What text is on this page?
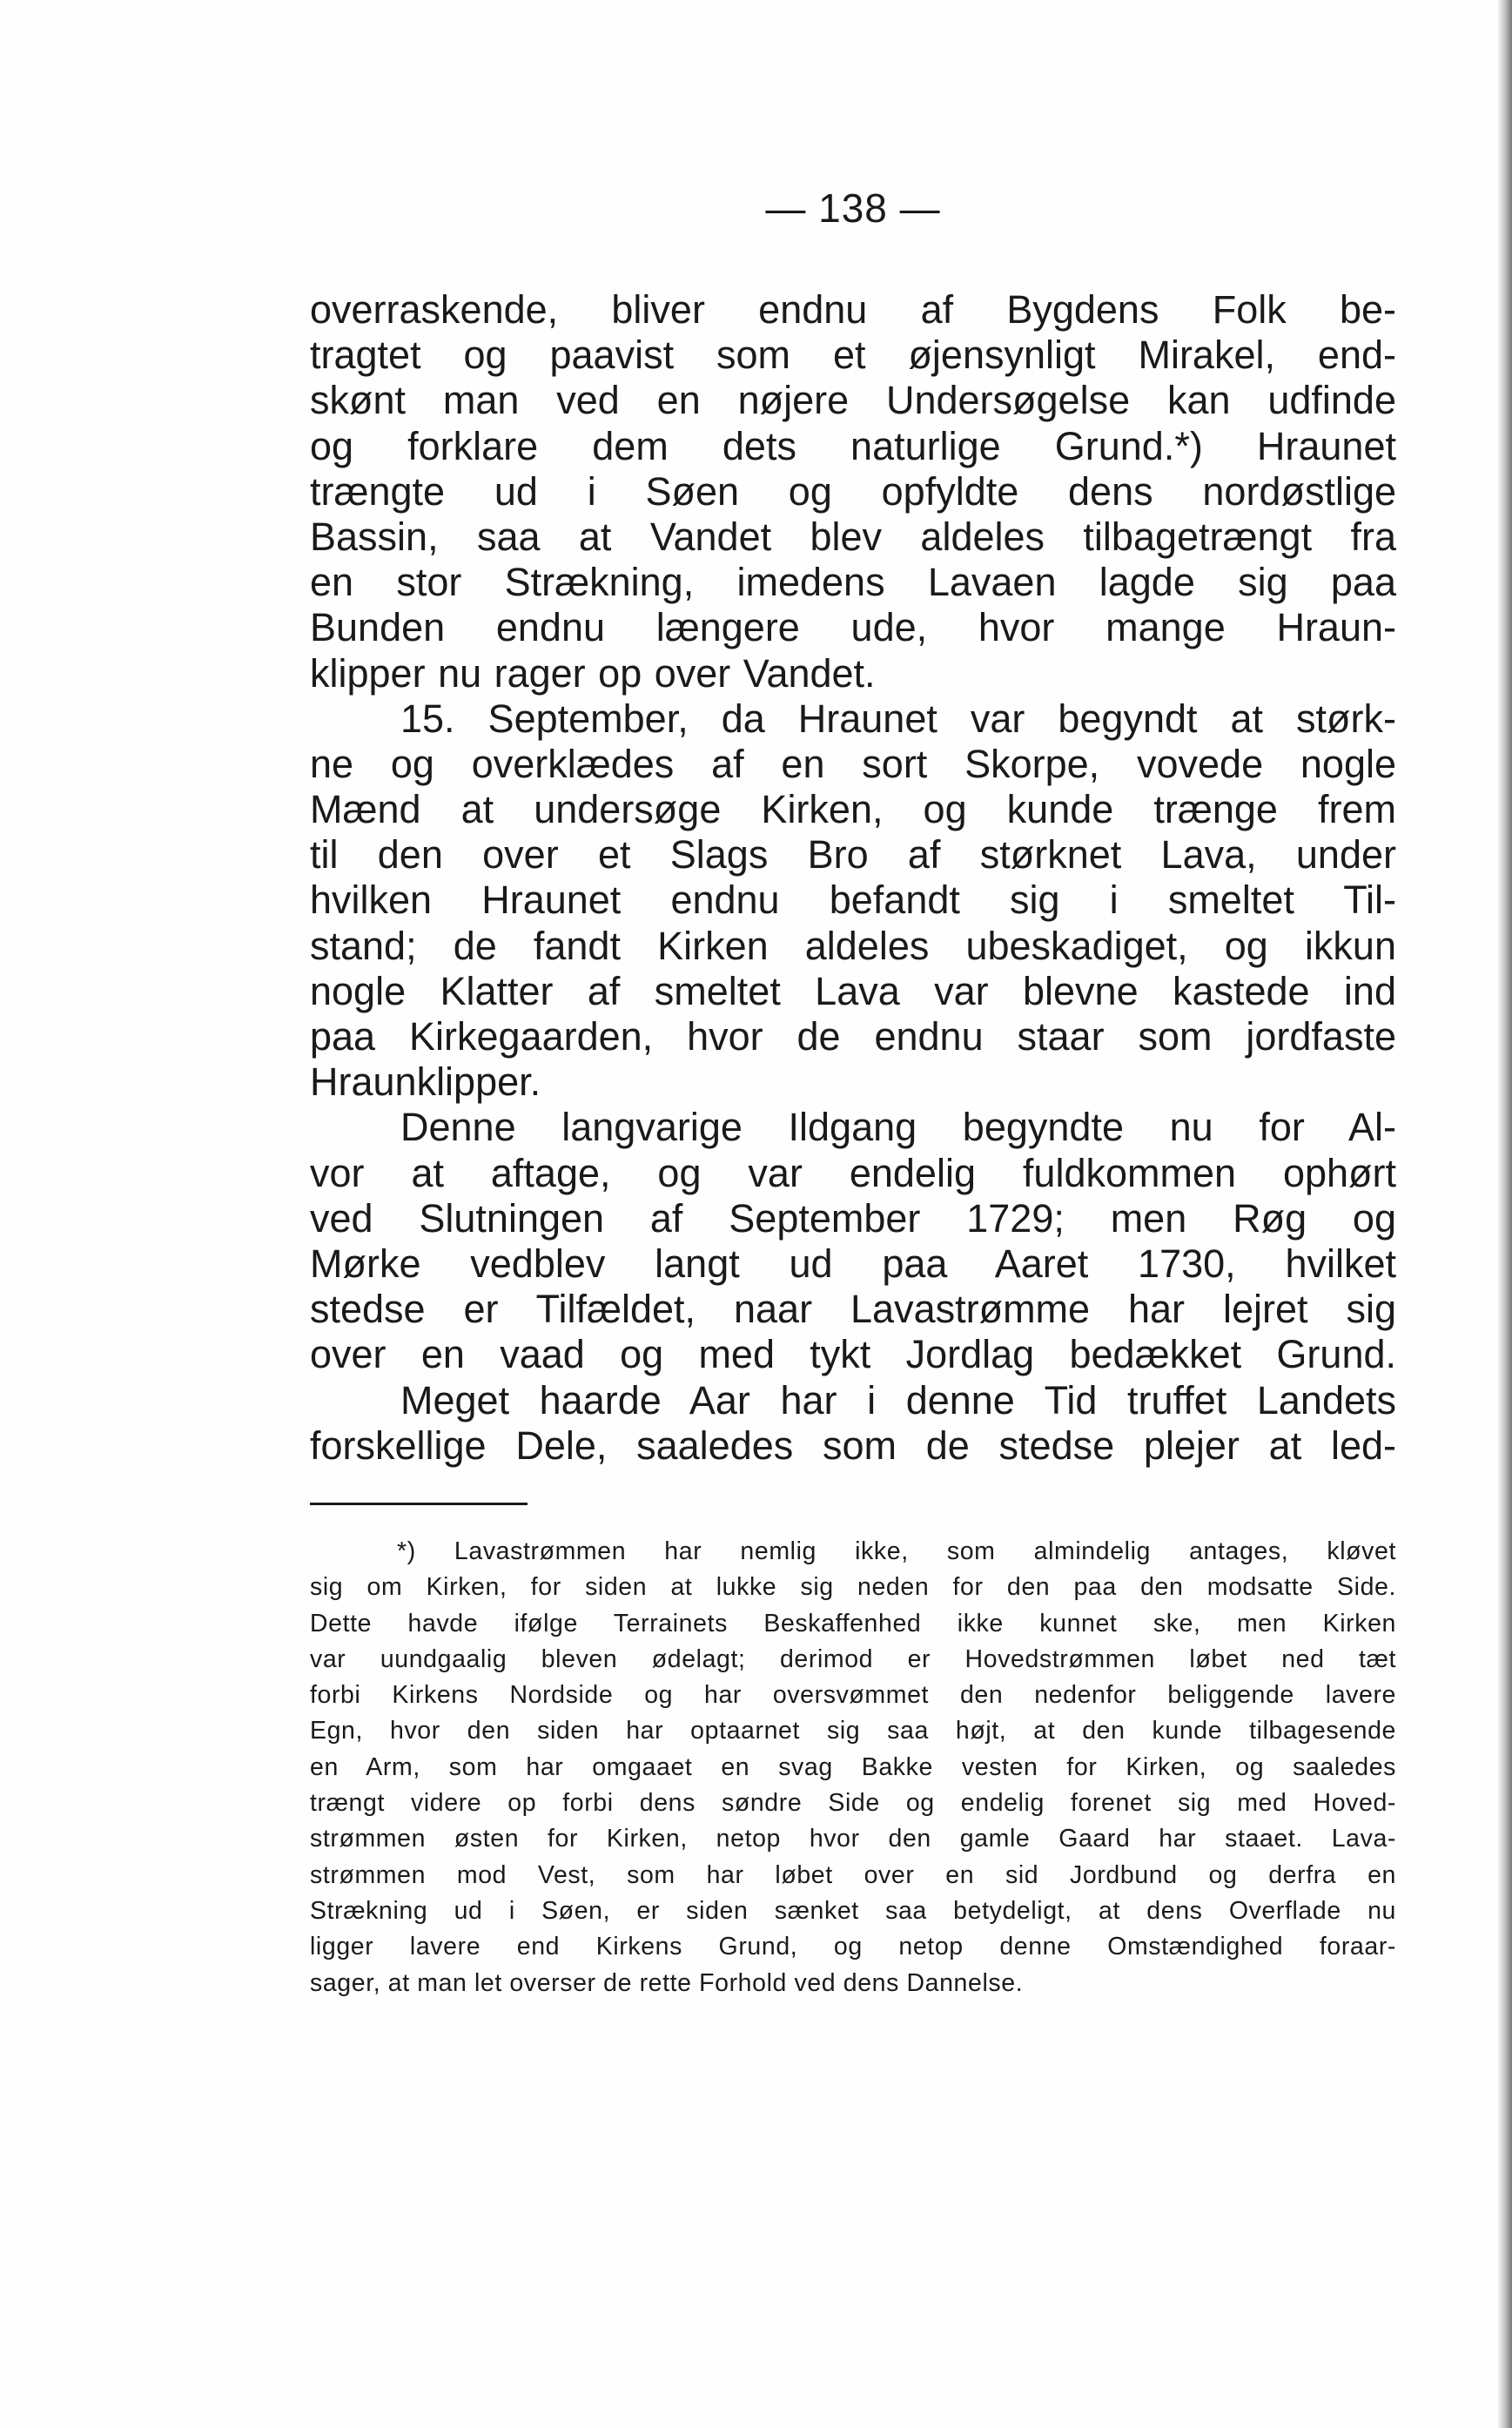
— 138 —
overraskende, bliver endnu af Bygdens Folk be-
tragtet og paavist som et øjensynligt Mirakel, end-
skønt man ved en nøjere Undersøgelse kan udfinde
og forklare dem dets naturlige Grund.*) Hraunet
trængte ud i Søen og opfyldte dens nordøstlige
Bassin, saa at Vandet blev aldeles tilbagetrængt fra
en stor Strækning, imedens Lavaen lagde sig paa
Bunden endnu længere ude, hvor mange Hraun-
klipper nu rager op over Vandet.
15. September, da Hraunet var begyndt at størk-
ne og overklædes af en sort Skorpe, vovede nogle
Mænd at undersøge Kirken, og kunde trænge frem
til den over et Slags Bro af størknet Lava, under
hvilken Hraunet endnu befandt sig i smeltet Til-
stand; de fandt Kirken aldeles ubeskadiget, og ikkun
nogle Klatter af smeltet Lava var blevne kastede ind
paa Kirkegaarden, hvor de endnu staar som jordfaste
Hraunklipper.
Denne langvarige Ildgang begyndte nu for Al-
vor at aftage, og var endelig fuldkommen ophørt
ved Slutningen af September 1729; men Røg og
Mørke vedblev langt ud paa Aaret 1730, hvilket
stedse er Tilfældet, naar Lavastrømme har lejret sig
over en vaad og med tykt Jordlag bedækket Grund.
Meget haarde Aar har i denne Tid truffet Landets
forskellige Dele, saaledes som de stedse plejer at led-
*) Lavastrømmen har nemlig ikke, som almindelig antages, kløvet
sig om Kirken, for siden at lukke sig neden for den paa den modsatte Side.
Dette havde ifølge Terrainets Beskaffenhed ikke kunnet ske, men Kirken
var uundgaalig bleven ødelagt; derimod er Hovedstrømmen løbet ned tæt
forbi Kirkens Nordside og har oversvømmet den nedenfor beliggende lavere
Egn, hvor den siden har optaarnet sig saa højt, at den kunde tilbagesende
en Arm, som har omgaaet en svag Bakke vesten for Kirken, og saaledes
trængt videre op forbi dens søndre Side og endelig forenet sig med Hoved-
strømmen østen for Kirken, netop hvor den gamle Gaard har staaet. Lava-
strømmen mod Vest, som har løbet over en sid Jordbund og derfra en
Strækning ud i Søen, er siden sænket saa betydeligt, at dens Overflade nu
ligger lavere end Kirkens Grund, og netop denne Omstændighed foraar-
sager, at man let overser de rette Forhold ved dens Dannelse.
